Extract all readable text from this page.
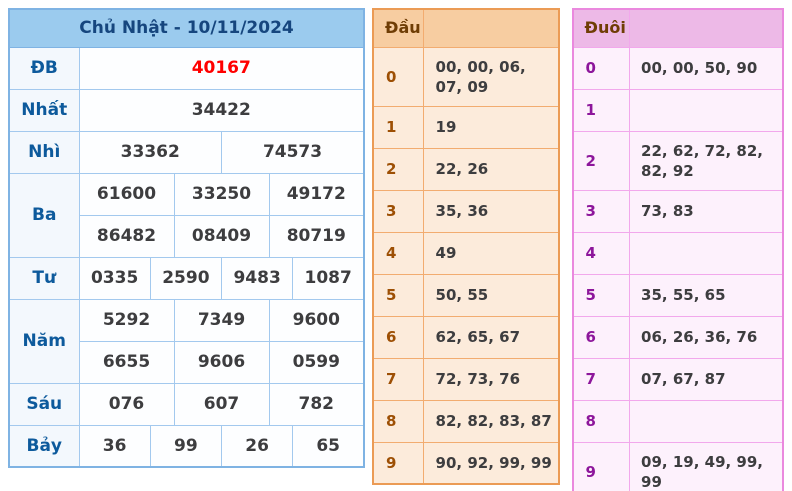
Chủ Nhật - 10/11/2024						
ĐB	40167					
Nhất	34422					
Nhì	33362			74573		
Ba	61600		33250		49172	
	86482		08409		80719	
Tư	0335	2590		9483		1087
Năm	5292		7349		9600	
	6655		9606		0599	
Sáu	076		607		782	
Bảy	36	99		26		65
Đầu	
0	00, 00, 06, 07, 09
1	19
2	22, 26
3	35, 36
4	49
5	50, 55
6	62, 65, 67
7	72, 73, 76
8	82, 82, 83, 87
9	90, 92, 99, 99
Đuôi	
0	00, 00, 50, 90
1	
2	22, 62, 72, 82, 82, 92
3	73, 83
4	
5	35, 55, 65
6	06, 26, 36, 76
7	07, 67, 87
8	
9	09, 19, 49, 99, 99
